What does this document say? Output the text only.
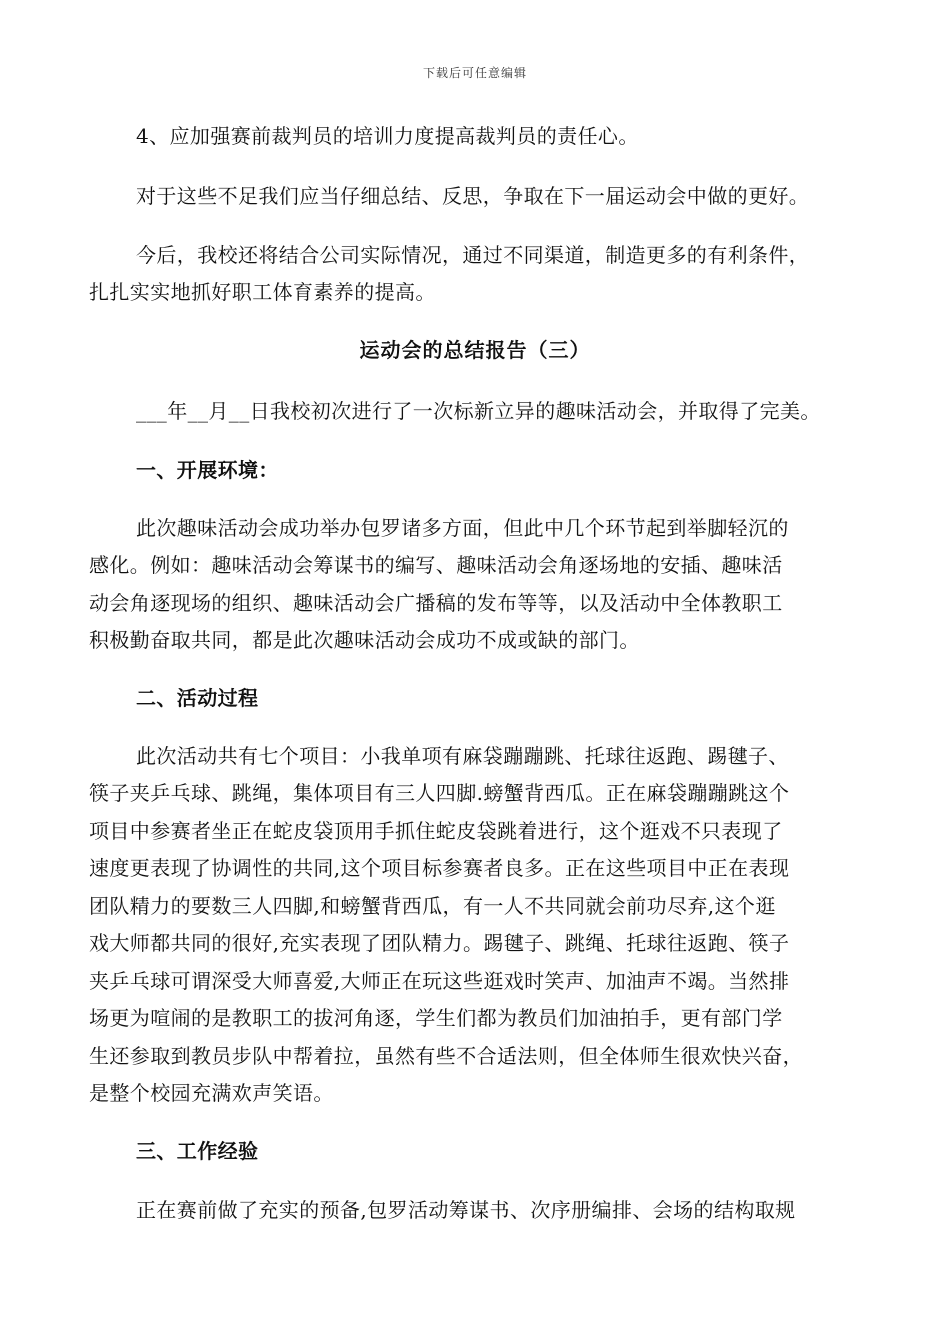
下载后可任意编辑
4、应加强赛前裁判员的培训力度提高裁判员的责任心。
对于这些不足我们应当仔细总结、反思，争取在下一届运动会中做的更好。
今后，我校还将结合公司实际情况，通过不同渠道，制造更多的有利条件，
扎扎实实地抓好职工体育素养的提高。
运动会的总结报告（三）
___年__月__日我校初次进行了一次标新立异的趣味活动会，并取得了完美。
一、开展环境：
此次趣味活动会成功举办包罗诸多方面，但此中几个环节起到举脚轻沉的
感化。例如：趣味活动会筹谋书的编写、趣味活动会角逐场地的安插、趣味活
动会角逐现场的组织、趣味活动会广播稿的发布等等，以及活动中全体教职工
积极勤奋取共同，都是此次趣味活动会成功不成或缺的部门。
二、活动过程
此次活动共有七个项目：小我单项有麻袋蹦蹦跳、托球往返跑、踢毽子、
筷子夹乒乓球、跳绳，集体项目有三人四脚.螃蟹背西瓜。正在麻袋蹦蹦跳这个
项目中参赛者坐正在蛇皮袋顶用手抓住蛇皮袋跳着进行，这个逛戏不只表现了
速度更表现了协调性的共同,这个项目标参赛者良多。正在这些项目中正在表现
团队精力的要数三人四脚,和螃蟹背西瓜，有一人不共同就会前功尽弃,这个逛
戏大师都共同的很好,充实表现了团队精力。踢毽子、跳绳、托球往返跑、筷子
夹乒乓球可谓深受大师喜爱,大师正在玩这些逛戏时笑声、加油声不竭。当然排
场更为喧闹的是教职工的拔河角逐，学生们都为教员们加油拍手，更有部门学
生还参取到教员步队中帮着拉，虽然有些不合适法则，但全体师生很欢快兴奋，
是整个校园充满欢声笑语。
三、工作经验
正在赛前做了充实的预备,包罗活动筹谋书、次序册编排、会场的结构取规
